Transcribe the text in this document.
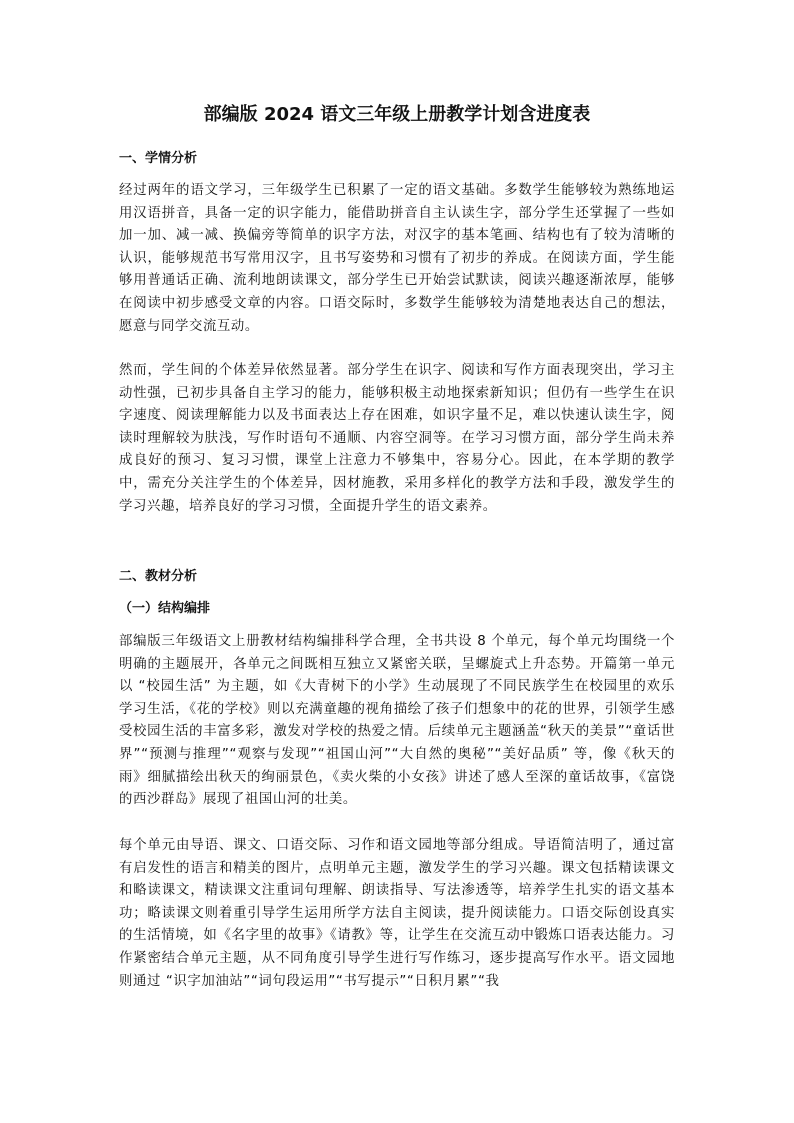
部编版 2024 语文三年级上册教学计划含进度表
一、学情分析

经过两年的语文学习，三年级学生已积累了一定的语文基础。多数学生能够较为熟练地运用汉语拼音，具备一定的识字能力，能借助拼音自主认读生字，部分学生还掌握了一些如加一加、减一减、换偏旁等简单的识字方法，对汉字的基本笔画、结构也有了较为清晰的认识，能够规范书写常用汉字，且书写姿势和习惯有了初步的养成。在阅读方面，学生能够用普通话正确、流利地朗读课文，部分学生已开始尝试默读，阅读兴趣逐渐浓厚，能够在阅读中初步感受文章的内容。口语交际时，多数学生能够较为清楚地表达自己的想法，愿意与同学交流互动。

然而，学生间的个体差异依然显著。部分学生在识字、阅读和写作方面表现突出，学习主动性强，已初步具备自主学习的能力，能够积极主动地探索新知识；但仍有一些学生在识字速度、阅读理解能力以及书面表达上存在困难，如识字量不足，难以快速认读生字，阅读时理解较为肤浅，写作时语句不通顺、内容空洞等。在学习习惯方面，部分学生尚未养成良好的预习、复习习惯，课堂上注意力不够集中，容易分心。因此，在本学期的教学中，需充分关注学生的个体差异，因材施教，采用多样化的教学方法和手段，激发学生的学习兴趣，培养良好的学习习惯，全面提升学生的语文素养。

二、教材分析
（一）结构编排

部编版三年级语文上册教材结构编排科学合理，全书共设 8 个单元，每个单元均围绕一个明确的主题展开，各单元之间既相互独立又紧密关联，呈螺旋式上升态势。开篇第一单元以 “校园生活” 为主题，如《大青树下的小学》生动展现了不同民族学生在校园里的欢乐学习生活，《花的学校》则以充满童趣的视角描绘了孩子们想象中的花的世界，引领学生感受校园生活的丰富多彩，激发对学校的热爱之情。后续单元主题涵盖“秋天的美景”“童话世界”“预测与推理”“观察与发现”“祖国山河”“大自然的奥秘”“美好品质” 等，像《秋天的雨》细腻描绘出秋天的绚丽景色，《卖火柴的小女孩》讲述了感人至深的童话故事，《富饶的西沙群岛》展现了祖国山河的壮美。

每个单元由导语、课文、口语交际、习作和语文园地等部分组成。导语简洁明了，通过富有启发性的语言和精美的图片，点明单元主题，激发学生的学习兴趣。课文包括精读课文和略读课文，精读课文注重词句理解、朗读指导、写法渗透等，培养学生扎实的语文基本功；略读课文则着重引导学生运用所学方法自主阅读，提升阅读能力。口语交际创设真实的生活情境，如《名字里的故事》《请教》等，让学生在交流互动中锻炼口语表达能力。习作紧密结合单元主题，从不同角度引导学生进行写作练习，逐步提高写作水平。语文园地则通过 “识字加油站”“词句段运用”“书写提示”“日积月累”“我
